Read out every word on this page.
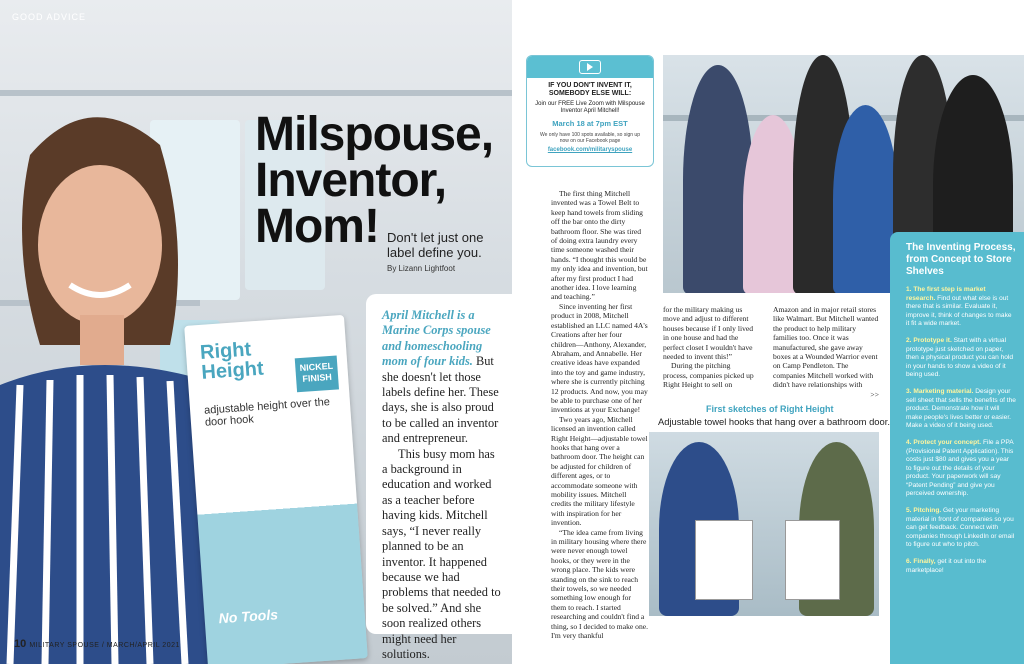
Right
Height	NICKEL FINISH
adjustable height over the door hook
No Tools
GOOD ADVICE
Milspouse,
Inventor,
Mom! Don't let just one label define you.
By Lizann Lightfoot

April Mitchell is a Marine Corps spouse and homeschooling mom of four kids. But she doesn't let those labels define her. These days, she is also proud to be called an inventor and entrepreneur.

This busy mom has a background in education and worked as a teacher before having kids. Mitchell says, “I never really planned to be an inventor. It happened because we had problems that needed to be solved.” And she soon realized others might need her solutions.

10 MILITARY SPOUSE / MARCH/APRIL 2021
IF YOU DON'T INVENT IT, SOMEBODY ELSE WILL:
Join our FREE Live Zoom with Milspouse Inventor April Mitchell!
March 18 at 7pm EST
We only have 100 spots available, so sign up now on our Facebook page
facebook.com/militaryspouse

The first thing Mitchell invented was a Towel Belt to keep hand towels from sliding off the bar onto the dirty bathroom floor. She was tired of doing extra laundry every time someone washed their hands. “I thought this would be my only idea and invention, but after my first product I had another idea. I love learning and teaching.”

Since inventing her first product in 2008, Mitchell established an LLC named 4A's Creations after her four children—Anthony, Alexander, Abraham, and Annabelle. Her creative ideas have expanded into the toy and game industry, where she is currently pitching 12 products. And now, you may be able to purchase one of her inventions at your Exchange!

Two years ago, Mitchell licensed an invention called Right Height—adjustable towel hooks that hang over a bathroom door. The height can be adjusted for children of different ages, or to accommodate someone with mobility issues. Mitchell credits the military lifestyle with inspiration for her invention.

“The idea came from living in military housing where there were never enough towel hooks, or they were in the wrong place. The kids were standing on the sink to reach their towels, so we needed something low enough for them to reach. I started researching and couldn't find a thing, so I decided to make one. I'm very thankful

for the military making us move and adjust to different houses because if I only lived in one house and had the perfect closet I wouldn't have needed to invent this!”

During the pitching process, companies picked up Right Height to sell on

Amazon and in major retail stores like Walmart. But Mitchell wanted the product to help military families too. Once it was manufactured, she gave away boxes at a Wounded Warrior event on Camp Pendleton. The companies Mitchell worked with didn't have relationships with

>>

First sketches of Right Height
Adjustable towel hooks that hang over a bathroom door.
The Inventing Process, from Concept to Store Shelves
1. The first step is market research. Find out what else is out there that is similar. Evaluate it, improve it, think of changes to make it fit a wide market.
2. Prototype it. Start with a virtual prototype just sketched on paper, then a physical product you can hold in your hands to show a video of it being used.
3. Marketing material. Design your sell sheet that sells the benefits of the product. Demonstrate how it will make people's lives better or easier. Make a video of it being used.
4. Protect your concept. File a PPA (Provisional Patent Application). This costs just $80 and gives you a year to figure out the details of your product. Your paperwork will say “Patent Pending” and give you perceived ownership.
5. Pitching. Get your marketing material in front of companies so you can get feedback. Connect with companies through LinkedIn or email to figure out who to pitch.
6. Finally, get it out into the marketplace!
